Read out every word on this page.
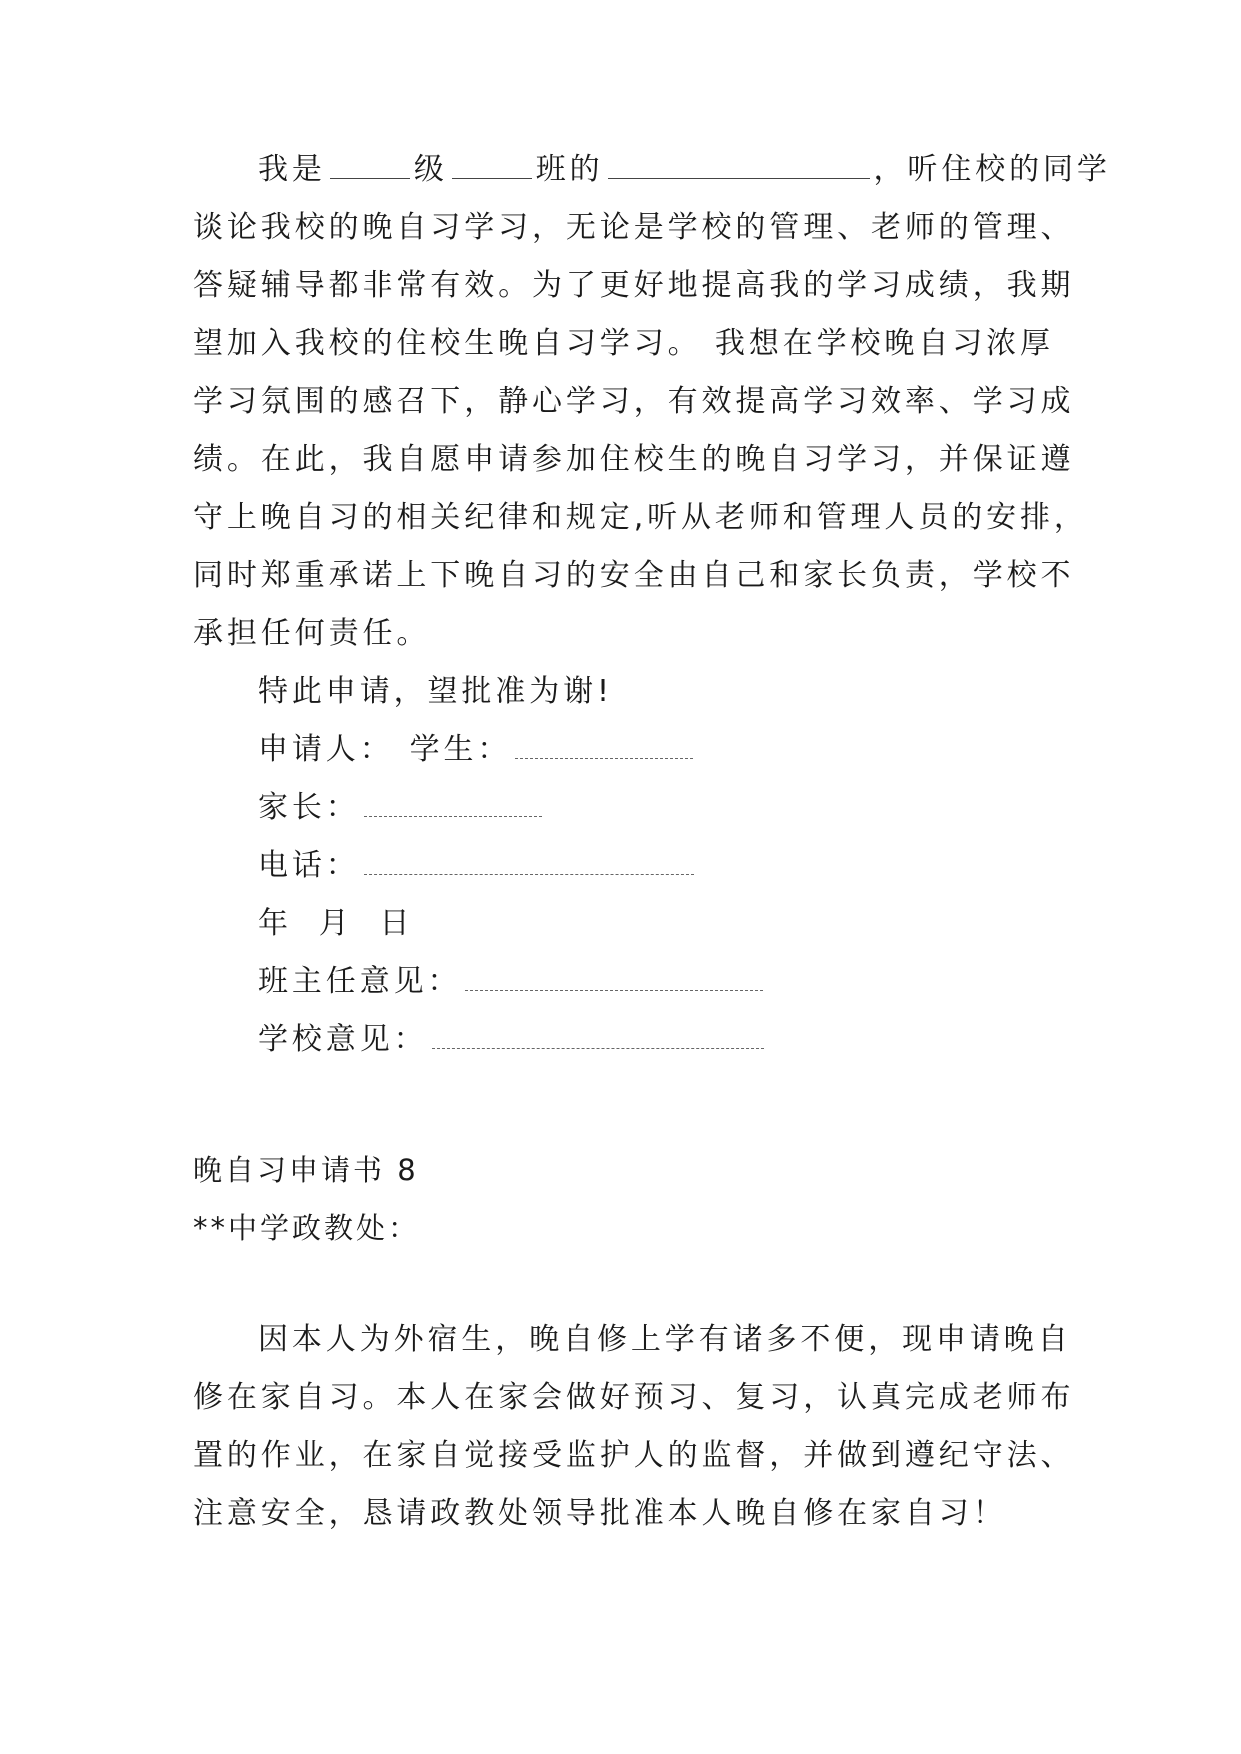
我是	级	班的	，听住校的同学
谈论我校的晚自习学习，无论是学校的管理、老师的管理、
答疑辅导都非常有效。为了更好地提高我的学习成绩，我期
望加入我校的住校生晚自习学习。 我想在学校晚自习浓厚
学习氛围的感召下，静心学习，有效提高学习效率、学习成
绩。在此，我自愿申请参加住校生的晚自习学习，并保证遵
守上晚自习的相关纪律和规定,听从老师和管理人员的安排，
同时郑重承诺上下晚自习的安全由自己和家长负责，学校不
承担任何责任。
特此申请，望批准为谢!
申请人： 学生：
家长：
电话：
年  月  日
班主任意见：
学校意见：
晚自习申请书 8
**中学政教处：
因本人为外宿生，晚自修上学有诸多不便，现申请晚自
修在家自习。本人在家会做好预习、复习，认真完成老师布
置的作业，在家自觉接受监护人的监督，并做到遵纪守法、
注意安全，恳请政教处领导批准本人晚自修在家自习！
